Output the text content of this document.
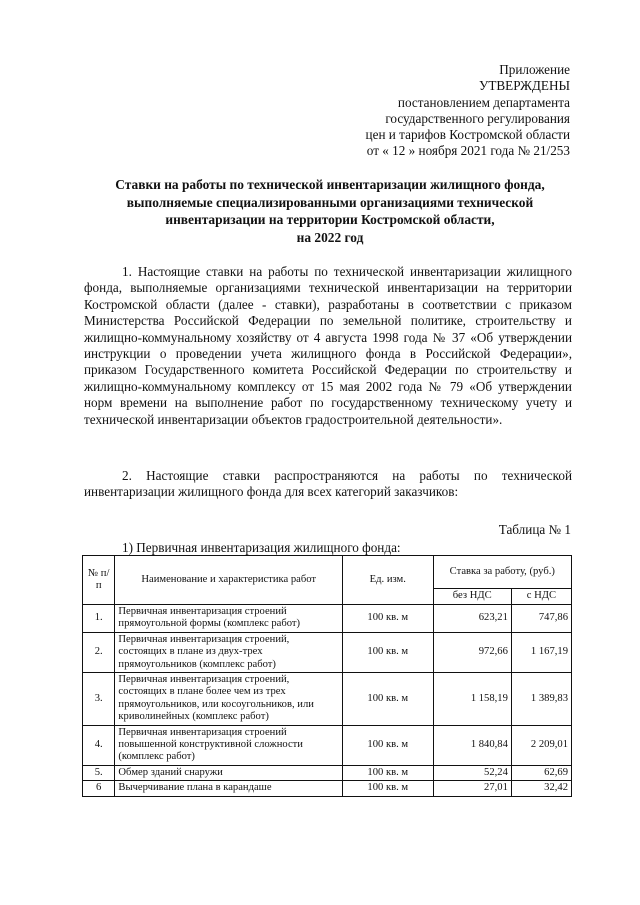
Приложение
УТВЕРЖДЕНЫ
постановлением департамента
государственного регулирования
цен и тарифов Костромской области
от « 12 » ноября 2021 года № 21/253
Ставки на работы по технической инвентаризации жилищного фонда,
выполняемые специализированными организациями технической
инвентаризации на территории Костромской области,
на 2022 год
1. Настоящие ставки на работы по технической инвентаризации жилищного фонда, выполняемые организациями технической инвентаризации на территории Костромской области (далее - ставки), разработаны в соответствии с приказом Министерства Российской Федерации по земельной политике, строительству и жилищно-коммунальному хозяйству от 4 августа 1998 года № 37 «Об утверждении инструкции о проведении учета жилищного фонда в Российской Федерации», приказом Государственного комитета Российской Федерации по строительству и жилищно-коммунальному комплексу от 15 мая 2002 года № 79 «Об утверждении норм времени на выполнение работ по государственному техническому учету и технической инвентаризации объектов градостроительной деятельности».
2. Настоящие ставки распространяются на работы по технической инвентаризации жилищного фонда для всех категорий заказчиков:
Таблица № 1
1) Первичная инвентаризация жилищного фонда:
№ п/п	Наименование и характеристика работ	Ед. изм.	Ставка за работу, (руб.)	
			без НДС	с НДС
1.	Первичная инвентаризация строений прямоугольной формы (комплекс работ)	100 кв. м	623,21	747,86
2.	Первичная инвентаризация строений, состоящих в плане из двух-трех прямоугольников (комплекс работ)	100 кв. м	972,66	1 167,19
3.	Первичная инвентаризация строений, состоящих в плане более чем из трех прямоугольников, или косоугольников, или криволинейных (комплекс работ)	100 кв. м	1 158,19	1 389,83
4.	Первичная инвентаризация строений повышенной конструктивной сложности (комплекс работ)	100 кв. м	1 840,84	2 209,01
5.	Обмер зданий снаружи	100 кв. м	52,24	62,69
6	Вычерчивание плана в карандаше	100 кв. м	27,01	32,42
